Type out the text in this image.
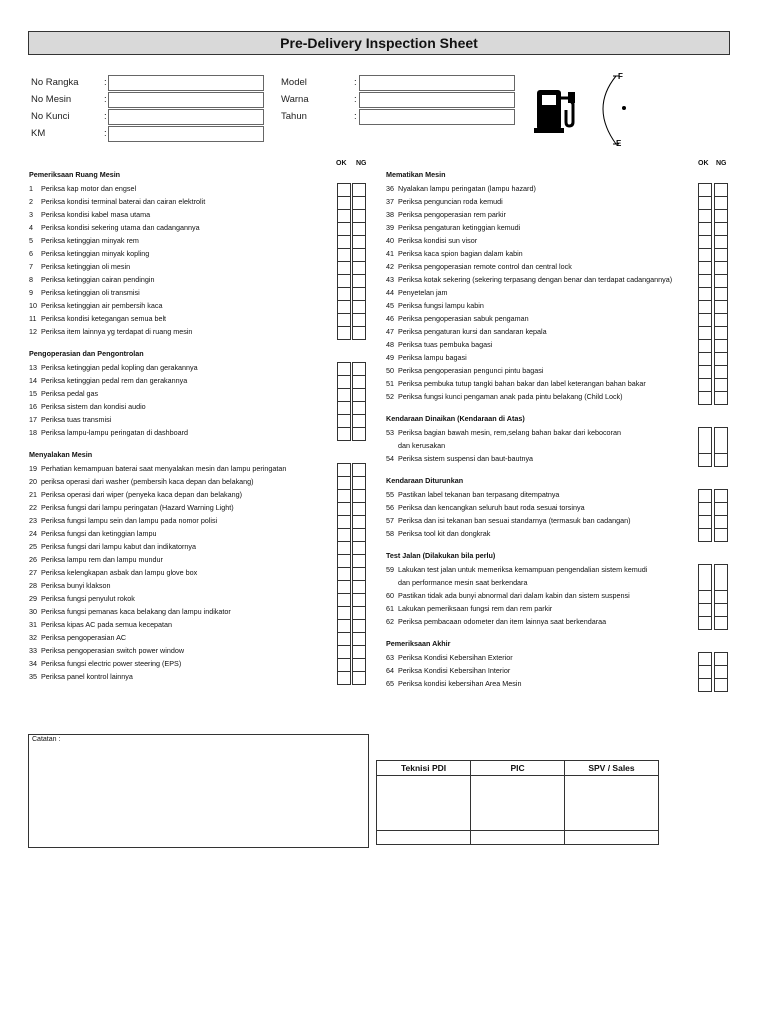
Pre-Delivery Inspection Sheet
No Rangka	:
No Mesin	:
No Kunci	:
KM	:
Model	:
Warna	:
Tahun	:
F
E
OK NG	OK NG
Pemeriksaan Ruang Mesin
1	Periksa kap motor dan engsel
2	Periksa kondisi terminal baterai dan cairan elektrolit
3	Periksa kondisi kabel masa utama
4	Periksa kondisi sekering utama dan cadangannya
5	Periksa ketinggian minyak rem
6	Periksa ketinggian minyak kopling
7	Periksa ketinggian oli mesin
8	Periksa ketinggian cairan pendingin
9	Periksa ketinggian oli transmisi
10 Periksa ketinggian air pembersih kaca
11 Periksa kondisi ketegangan semua belt
12 Periksa item lainnya yg terdapat di ruang mesin
Pengoperasian dan Pengontrolan
13 Periksa ketinggian pedal kopling dan gerakannya
14 Periksa ketinggian pedal rem dan gerakannya
15 Periksa pedal gas
16 Periksa sistem dan kondisi audio
17 Periksa tuas transmisi
18 Periksa lampu-lampu peringatan di dashboard
Menyalakan Mesin
19 Perhatian kemampuan baterai saat menyalakan mesin dan lampu peringatan
20 periksa operasi dari washer (pembersih kaca depan dan belakang)
21 Periksa operasi dari wiper (penyeka kaca depan dan belakang)
22 Periksa fungsi dari lampu peringatan (Hazard Warning Light)
23 Periksa fungsi lampu sein dan lampu pada nomor polisi
24 Periksa fungsi dan ketinggian lampu
25 Periksa fungsi dari lampu kabut dan indikatornya
26 Periksa lampu rem dan lampu mundur
27 Periksa kelengkapan asbak dan lampu glove box
28 Periksa bunyi klakson
29 Periksa fungsi penyulut rokok
30 Periksa fungsi pemanas kaca belakang dan lampu indikator
31 Periksa kipas AC pada semua kecepatan
32 Periksa pengoperasian AC
33 Periksa pengoperasian switch power window
34 Periksa fungsi electric power steering (EPS)
35 Periksa panel kontrol lainnya
Mematikan Mesin
36 Nyalakan lampu peringatan (lampu hazard)
37 Periksa penguncian roda kemudi
38 Periksa pengoperasian rem parkir
39 Periksa pengaturan ketinggian kemudi
40 Periksa kondisi sun visor
41 Periksa kaca spion bagian dalam kabin
42 Periksa pengoperasian remote control dan central lock
43 Periksa kotak sekering (sekering terpasang dengan benar dan terdapat cadangannya)
44 Penyetelan jam
45 Periksa fungsi lampu kabin
46 Periksa pengoperasian sabuk pengaman
47 Periksa pengaturan kursi dan sandaran kepala
48 Periksa tuas pembuka bagasi
49 Periksa lampu bagasi
50 Periksa pengoperasian pengunci pintu bagasi
51 Periksa pembuka tutup tangki bahan bakar dan label keterangan bahan bakar
52 Periksa fungsi kunci pengaman anak pada pintu belakang (Child Lock)
Kendaraan Dinaikan (Kendaraan di Atas)
53 Periksa bagian bawah mesin, rem,selang bahan bakar dari kebocoran
dan kerusakan
54 Periksa sistem suspensi dan baut-bautnya
Kendaraan Diturunkan
55 Pastikan label tekanan ban terpasang ditempatnya
56 Periksa dan kencangkan seluruh baut roda sesuai torsinya
57 Periksa dan isi tekanan ban sesuai standarnya (termasuk ban cadangan)
58 Periksa tool kit dan dongkrak
Test Jalan (Dilakukan bila perlu)
59 Lakukan test jalan untuk memeriksa kemampuan pengendalian sistem kemudi
dan performance mesin saat berkendara
60 Pastikan tidak ada bunyi abnormal dari dalam kabin dan sistem suspensi
61 Lakukan pemeriksaan fungsi rem dan rem parkir
62 Periksa pembacaan odometer dan item lainnya saat berkendaraa
Pemeriksaan Akhir
63 Periksa Kondisi Kebersihan Exterior
64 Periksa Kondisi Kebersihan Interior
65 Periksa kondisi kebersihan Area Mesin
Catatan :
Teknisi PDI	PIC	SPV / Sales
